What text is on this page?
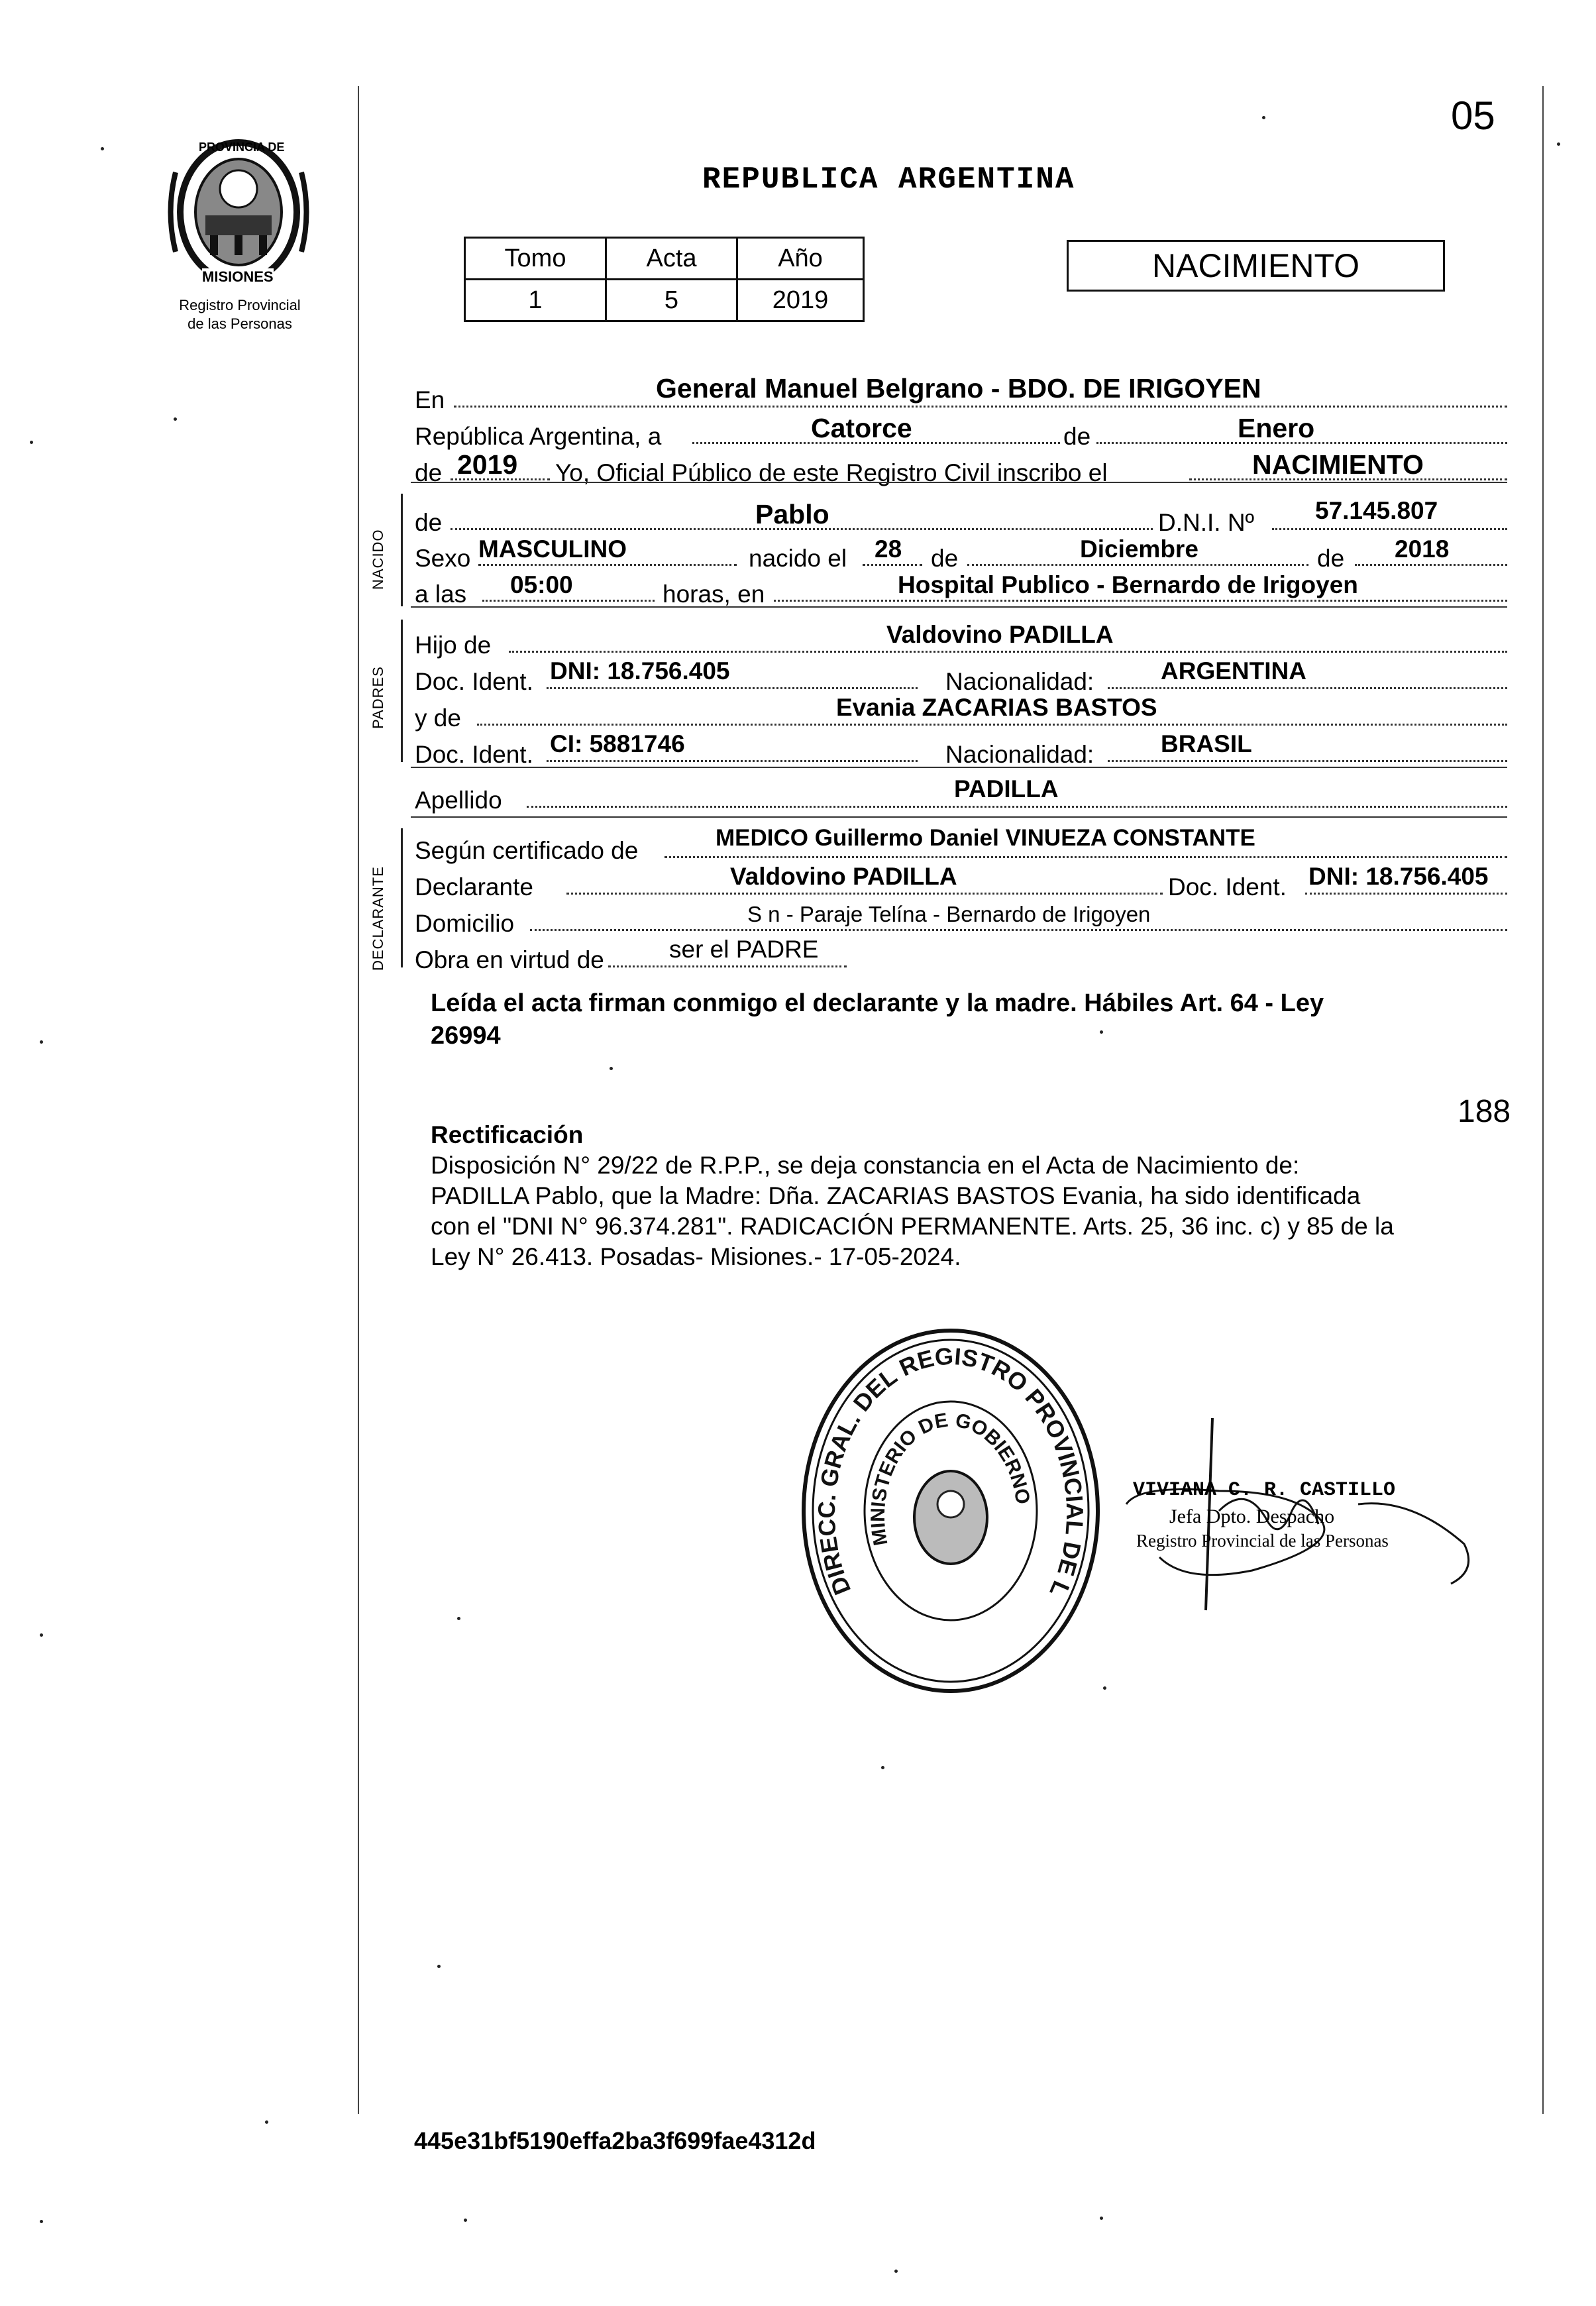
05
PROVINCIA DE
MISIONES
Registro Provincial
de las Personas
REPUBLICA ARGENTINA
Tomo	Acta	Año
1	5	2019
NACIMIENTO
En	General Manuel Belgrano - BDO. DE IRIGOYEN
República Argentina, a	Catorce	de	Enero
de 2019 Yo, Oficial Público de este Registro Civil inscribo el	NACIMIENTO
NACIDO
de	Pablo	D.N.I. Nº 57.145.807
Sexo MASCULINO	nacido el 28 de	Diciembre	de 2018
a las 05:00	horas, en	Hospital Publico - Bernardo de Irigoyen
PADRES
Hijo de	Valdovino PADILLA
Doc. Ident. DNI: 18.756.405	Nacionalidad:	ARGENTINA
y de	Evania ZACARIAS BASTOS
Doc. Ident. CI: 5881746	Nacionalidad:	BRASIL
Apellido	PADILLA
DECLARANTE
Según certificado de	MEDICO Guillermo Daniel VINUEZA CONSTANTE
Declarante	Valdovino PADILLA	Doc. Ident. DNI: 18.756.405
Domicilio	S n - Paraje Telína - Bernardo de Irigoyen
Obra en virtud de	ser el PADRE
Leída el acta firman conmigo el declarante y la madre. Hábiles Art. 64 - Ley
26994
188
Rectificación
Disposición N° 29/22 de R.P.P., se deja constancia en el Acta de Nacimiento de:
PADILLA Pablo, que la Madre: Dña. ZACARIAS BASTOS Evania, ha sido identificada
con el "DNI N° 96.374.281". RADICACIÓN PERMANENTE. Arts. 25, 36 inc. c) y 85 de la
Ley N° 26.413. Posadas- Misiones.- 17-05-2024.
DIRECC. GRAL. DEL REGISTRO PROVINCIAL DE L
MINISTERIO DE GOBIERNO	VIVIANA C. R. CASTILLO
Jefa Dpto. Despacho
Registro Provincial de las Personas
445e31bf5190effa2ba3f699fae4312d
